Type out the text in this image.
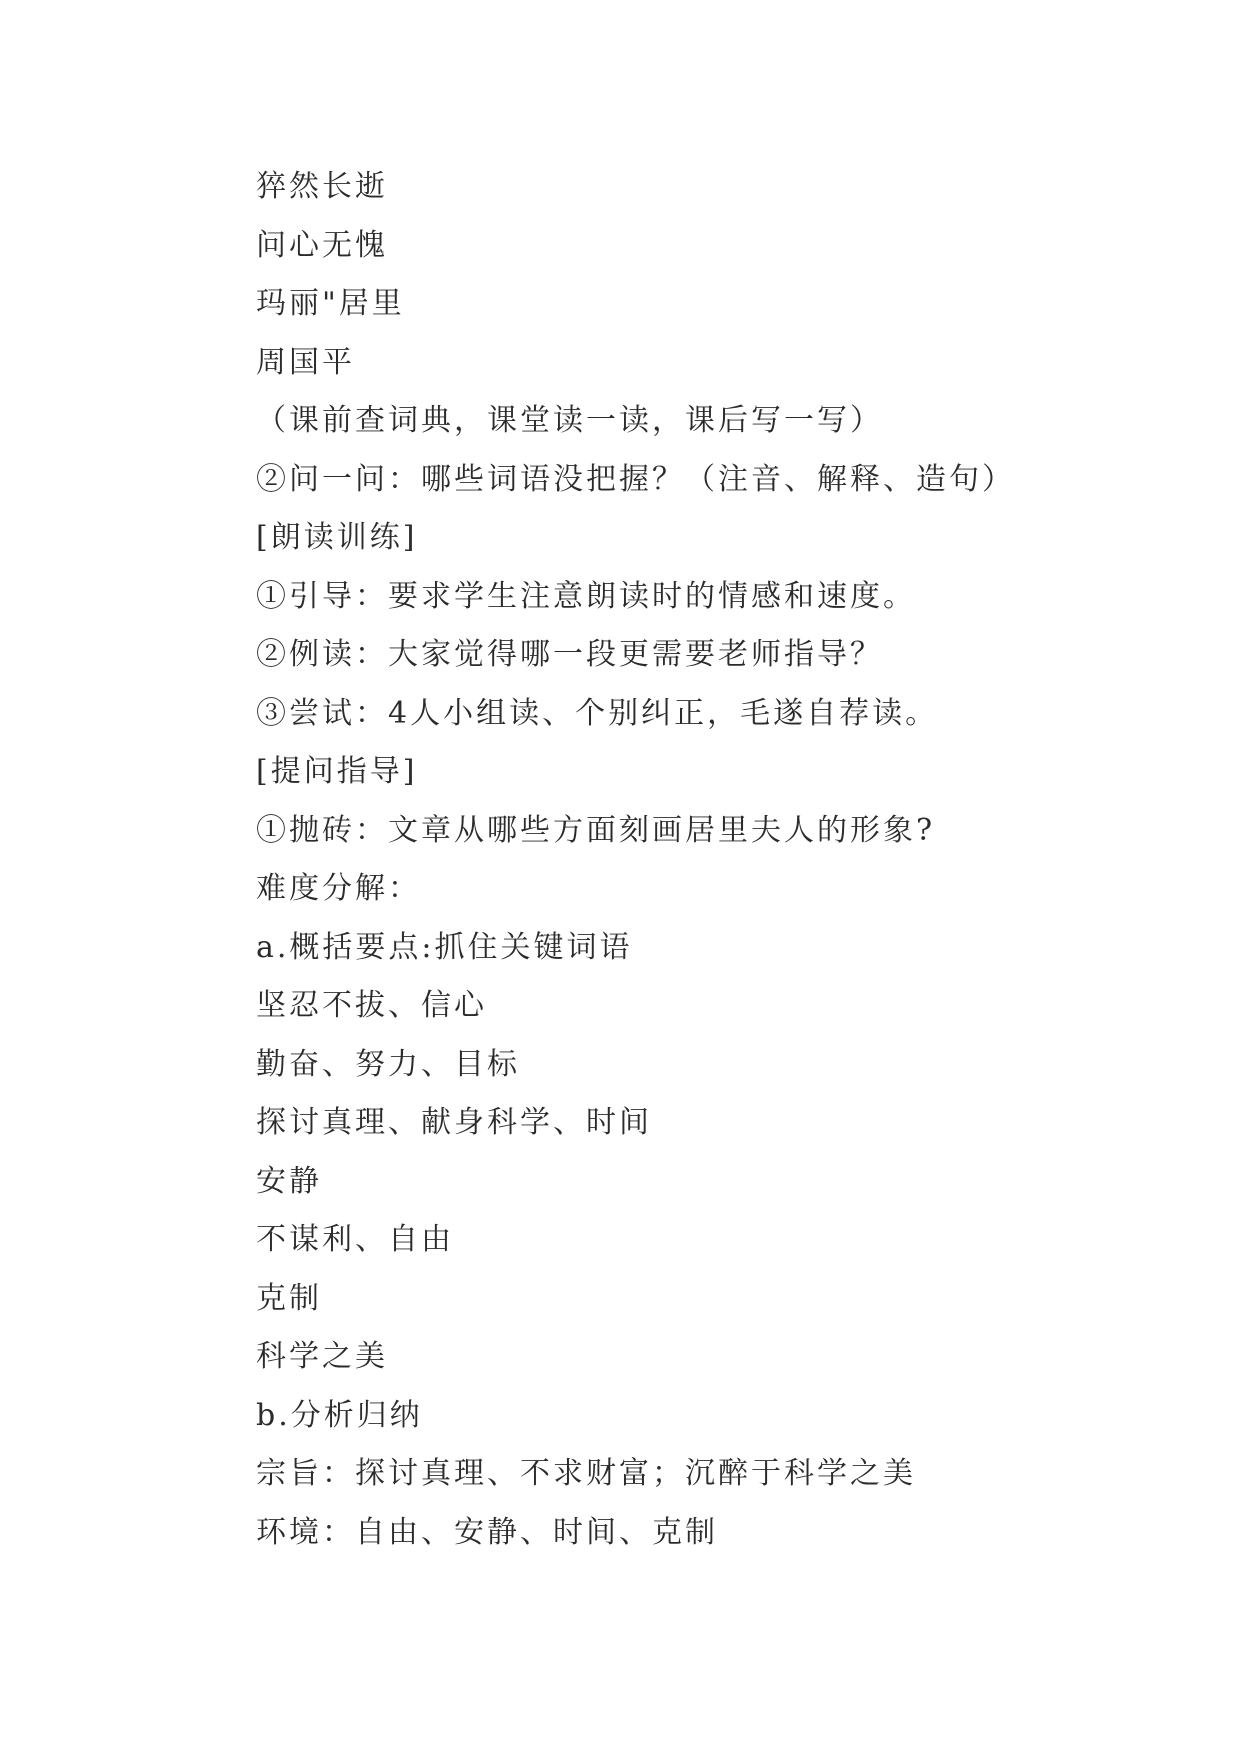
猝然长逝
问心无愧
玛丽"居里
周国平
（课前查词典，课堂读一读，课后写一写）
②问一问：哪些词语没把握？（注音、解释、造句）
[朗读训练]
①引导：要求学生注意朗读时的情感和速度。
②例读：大家觉得哪一段更需要老师指导？
③尝试：4人小组读、个别纠正，毛遂自荐读。
[提问指导]
①抛砖：文章从哪些方面刻画居里夫人的形象?
难度分解：
a.概括要点:抓住关键词语
坚忍不拔、信心
勤奋、努力、目标
探讨真理、献身科学、时间
安静
不谋利、自由
克制
科学之美
b.分析归纳
宗旨：探讨真理、不求财富；沉醉于科学之美
环境：自由、安静、时间、克制
